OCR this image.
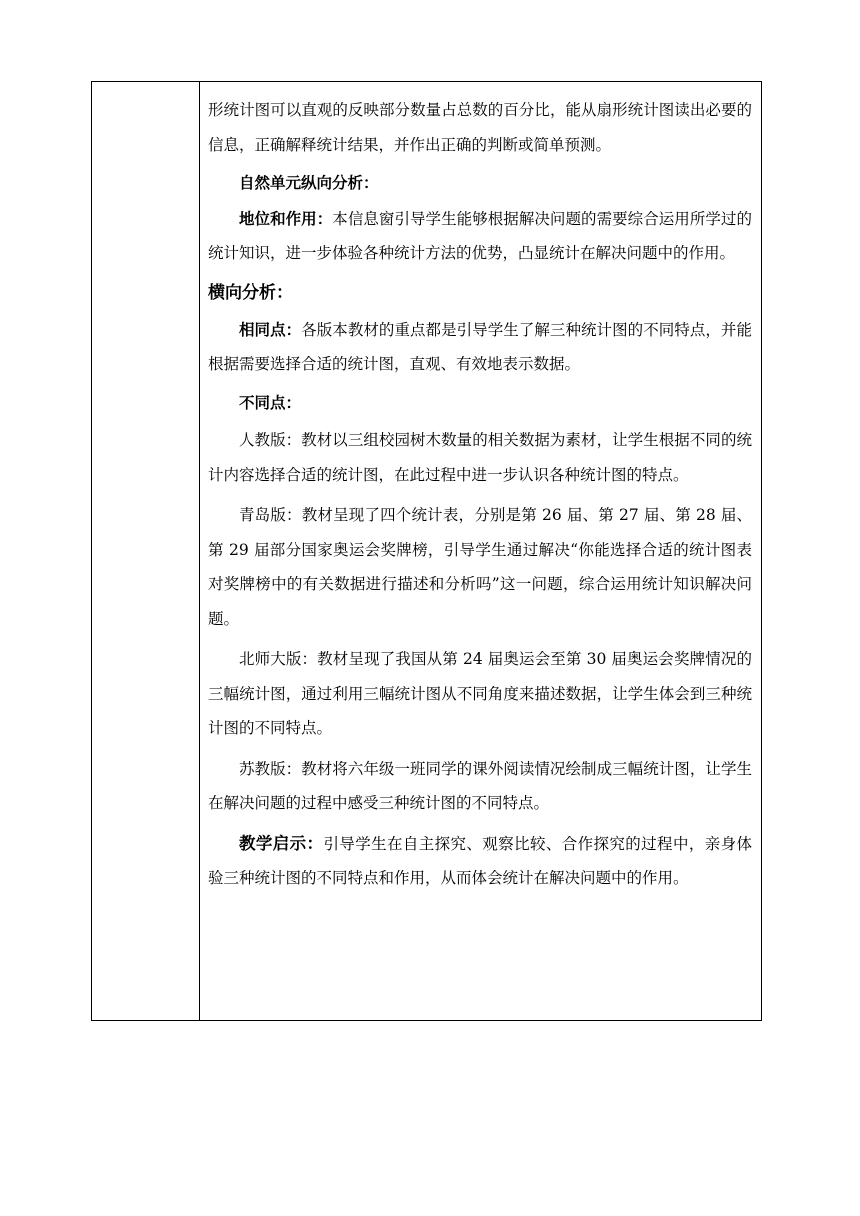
形统计图可以直观的反映部分数量占总数的百分比，能从扇形统计图读出必要的信息，正确解释统计结果，并作出正确的判断或简单预测。

自然单元纵向分析：

地位和作用：本信息窗引导学生能够根据解决问题的需要综合运用所学过的统计知识，进一步体验各种统计方法的优势，凸显统计在解决问题中的作用。

横向分析：

相同点：各版本教材的重点都是引导学生了解三种统计图的不同特点，并能根据需要选择合适的统计图，直观、有效地表示数据。

不同点：

人教版：教材以三组校园树木数量的相关数据为素材，让学生根据不同的统计内容选择合适的统计图，在此过程中进一步认识各种统计图的特点。

青岛版：教材呈现了四个统计表，分别是第 26 届、第 27 届、第 28 届、第 29 届部分国家奥运会奖牌榜，引导学生通过解决“你能选择合适的统计图表对奖牌榜中的有关数据进行描述和分析吗”这一问题，综合运用统计知识解决问题。

北师大版：教材呈现了我国从第 24 届奥运会至第 30 届奥运会奖牌情况的三幅统计图，通过利用三幅统计图从不同角度来描述数据，让学生体会到三种统计图的不同特点。

苏教版：教材将六年级一班同学的课外阅读情况绘制成三幅统计图，让学生在解决问题的过程中感受三种统计图的不同特点。

教学启示：引导学生在自主探究、观察比较、合作探究的过程中，亲身体验三种统计图的不同特点和作用，从而体会统计在解决问题中的作用。
